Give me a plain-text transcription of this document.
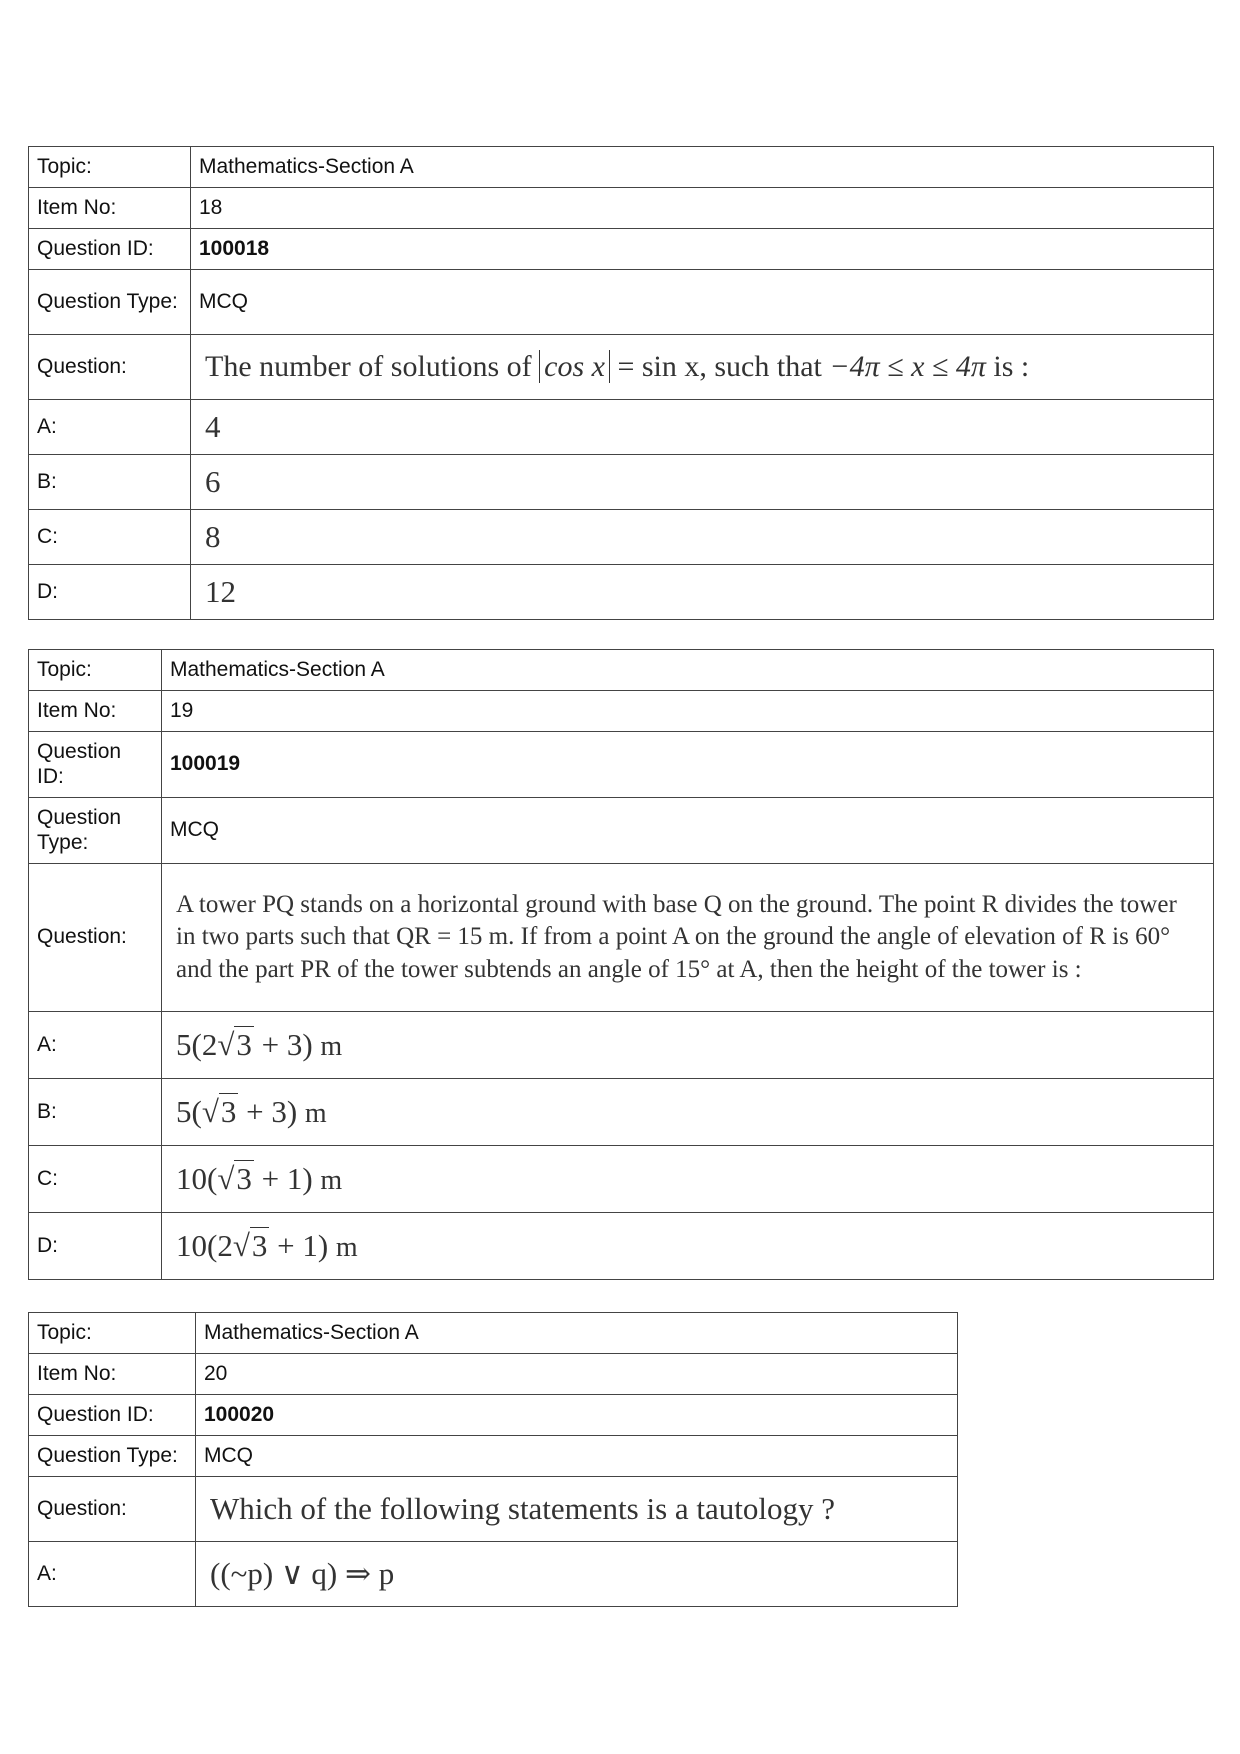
Topic:	Mathematics-Section A
Item No:	18
Question ID:	100018
Question Type:	MCQ
Question:	The number of solutions of cos x = sin x, such that −4π ≤ x ≤ 4π is :
A:	4
B:	6
C:	8
D:	12
Topic:	Mathematics-Section A
Item No:	19
Question ID:	100019
Question Type:	MCQ
Question:	A tower PQ stands on a horizontal ground with base Q on the ground. The point R divides the tower in two parts such that QR = 15 m. If from a point A on the ground the angle of elevation of R is 60° and the part PR of the tower subtends an angle of 15° at A, then the height of the tower is :
A:	5(2√3 + 3) m
B:	5(√3 + 3) m
C:	10(√3 + 1) m
D:	10(2√3 + 1) m
Topic:	Mathematics-Section A
Item No:	20
Question ID:	100020
Question Type:	MCQ
Question:	Which of the following statements is a tautology ?
A:	((~p) ∨ q) ⇒ p
